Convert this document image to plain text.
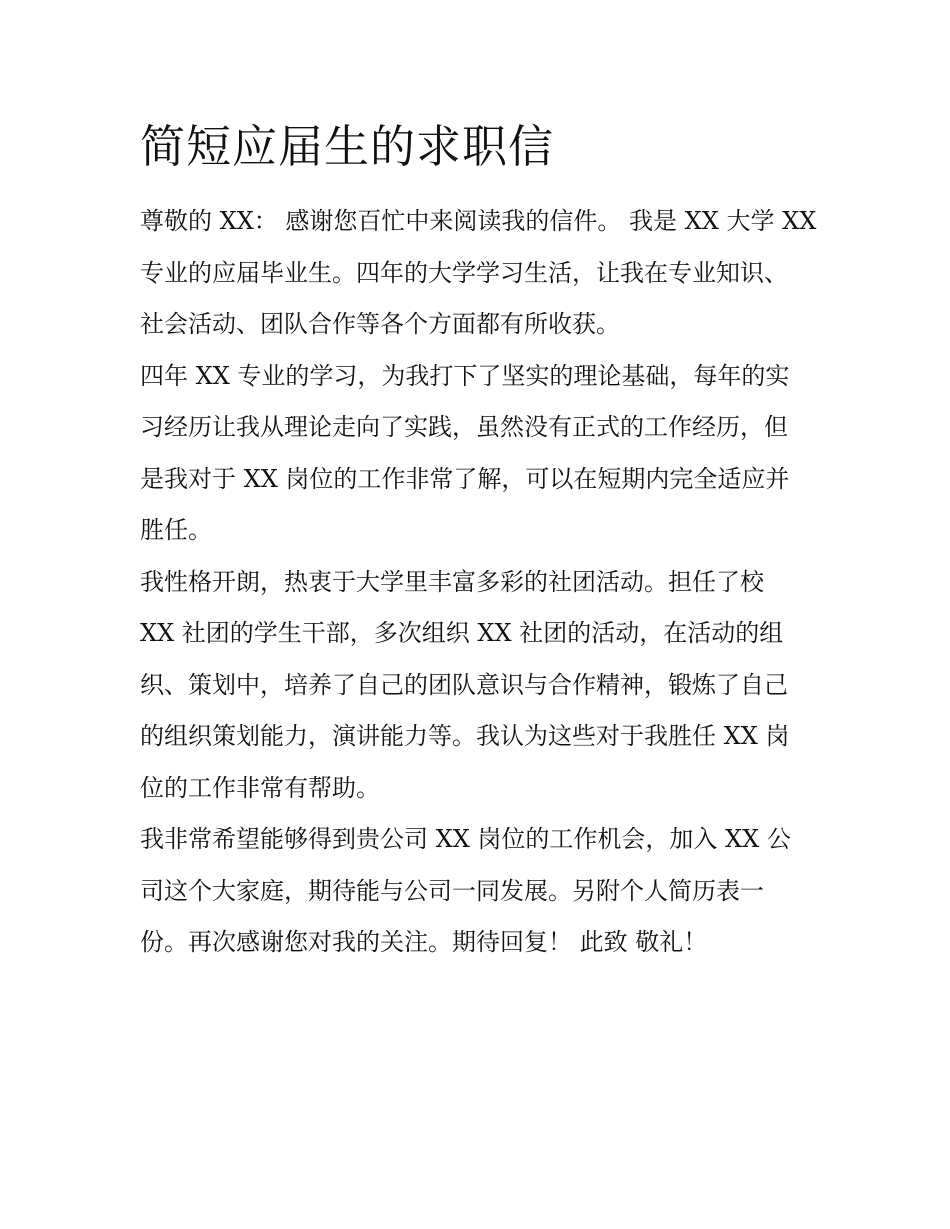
简短应届生的求职信

尊敬的 XX： 感谢您百忙中来阅读我的信件。 我是 XX 大学 XX

专业的应届毕业生。四年的大学学习生活，让我在专业知识、

社会活动、团队合作等各个方面都有所收获。

四年 XX 专业的学习，为我打下了坚实的理论基础，每年的实

习经历让我从理论走向了实践，虽然没有正式的工作经历，但

是我对于 XX 岗位的工作非常了解，可以在短期内完全适应并

胜任。

我性格开朗，热衷于大学里丰富多彩的社团活动。担任了校

XX 社团的学生干部，多次组织 XX 社团的活动，在活动的组

织、策划中，培养了自己的团队意识与合作精神，锻炼了自己

的组织策划能力，演讲能力等。我认为这些对于我胜任 XX 岗

位的工作非常有帮助。

我非常希望能够得到贵公司 XX 岗位的工作机会，加入 XX 公

司这个大家庭，期待能与公司一同发展。另附个人简历表一

份。再次感谢您对我的关注。期待回复！ 此致 敬礼！
